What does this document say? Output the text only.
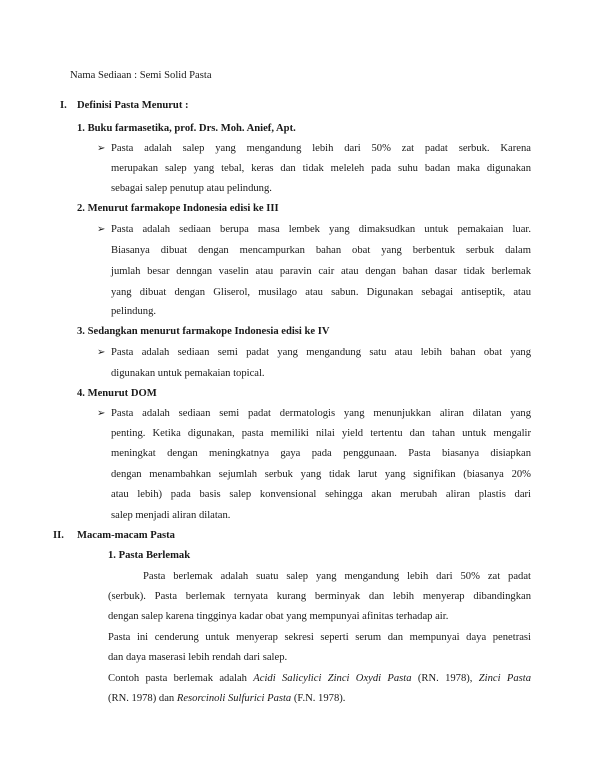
Nama Sediaan : Semi Solid Pasta
I. Definisi Pasta Menurut :
1. Buku farmasetika, prof. Drs. Moh. Anief, Apt.
➢ Pasta adalah salep yang mengandung lebih dari 50% zat padat serbuk. Karena
merupakan salep yang tebal, keras dan tidak meleleh pada suhu badan maka digunakan
sebagai salep penutup atau pelindung.
2. Menurut farmakope Indonesia edisi ke III
➢ Pasta adalah sediaan berupa masa lembek yang dimaksudkan untuk pemakaian luar.
Biasanya dibuat dengan mencampurkan bahan obat yang berbentuk serbuk dalam
jumlah besar denngan vaselin atau paravin cair atau dengan bahan dasar tidak berlemak
yang dibuat dengan Gliserol, musilago atau sabun. Digunakan sebagai antiseptik, atau
pelindung.
3. Sedangkan menurut farmakope Indonesia edisi ke IV
➢ Pasta adalah sediaan semi padat yang mengandung satu atau lebih bahan obat yang
digunakan untuk pemakaian topical.
4. Menurut DOM
➢ Pasta adalah sediaan semi padat dermatologis yang menunjukkan aliran dilatan yang
penting. Ketika digunakan, pasta memiliki nilai yield tertentu dan tahan untuk mengalir
meningkat dengan meningkatnya gaya pada penggunaan. Pasta biasanya disiapkan
dengan menambahkan sejumlah serbuk yang tidak larut yang signifikan (biasanya 20%
atau lebih) pada basis salep konvensional sehingga akan merubah aliran plastis dari
salep menjadi aliran dilatan.
II. Macam-macam Pasta
1. Pasta Berlemak
Pasta berlemak adalah suatu salep yang mengandung lebih dari 50% zat padat
(serbuk). Pasta berlemak ternyata kurang berminyak dan lebih menyerap dibandingkan
dengan salep karena tingginya kadar obat yang mempunyai afinitas terhadap air.
Pasta ini cenderung untuk menyerap sekresi seperti serum dan mempunyai daya penetrasi
dan daya maserasi lebih rendah dari salep.
Contoh pasta berlemak adalah Acidi Salicylici Zinci Oxydi Pasta (RN. 1978), Zinci Pasta
(RN. 1978) dan Resorcinoli Sulfurici Pasta (F.N. 1978).
